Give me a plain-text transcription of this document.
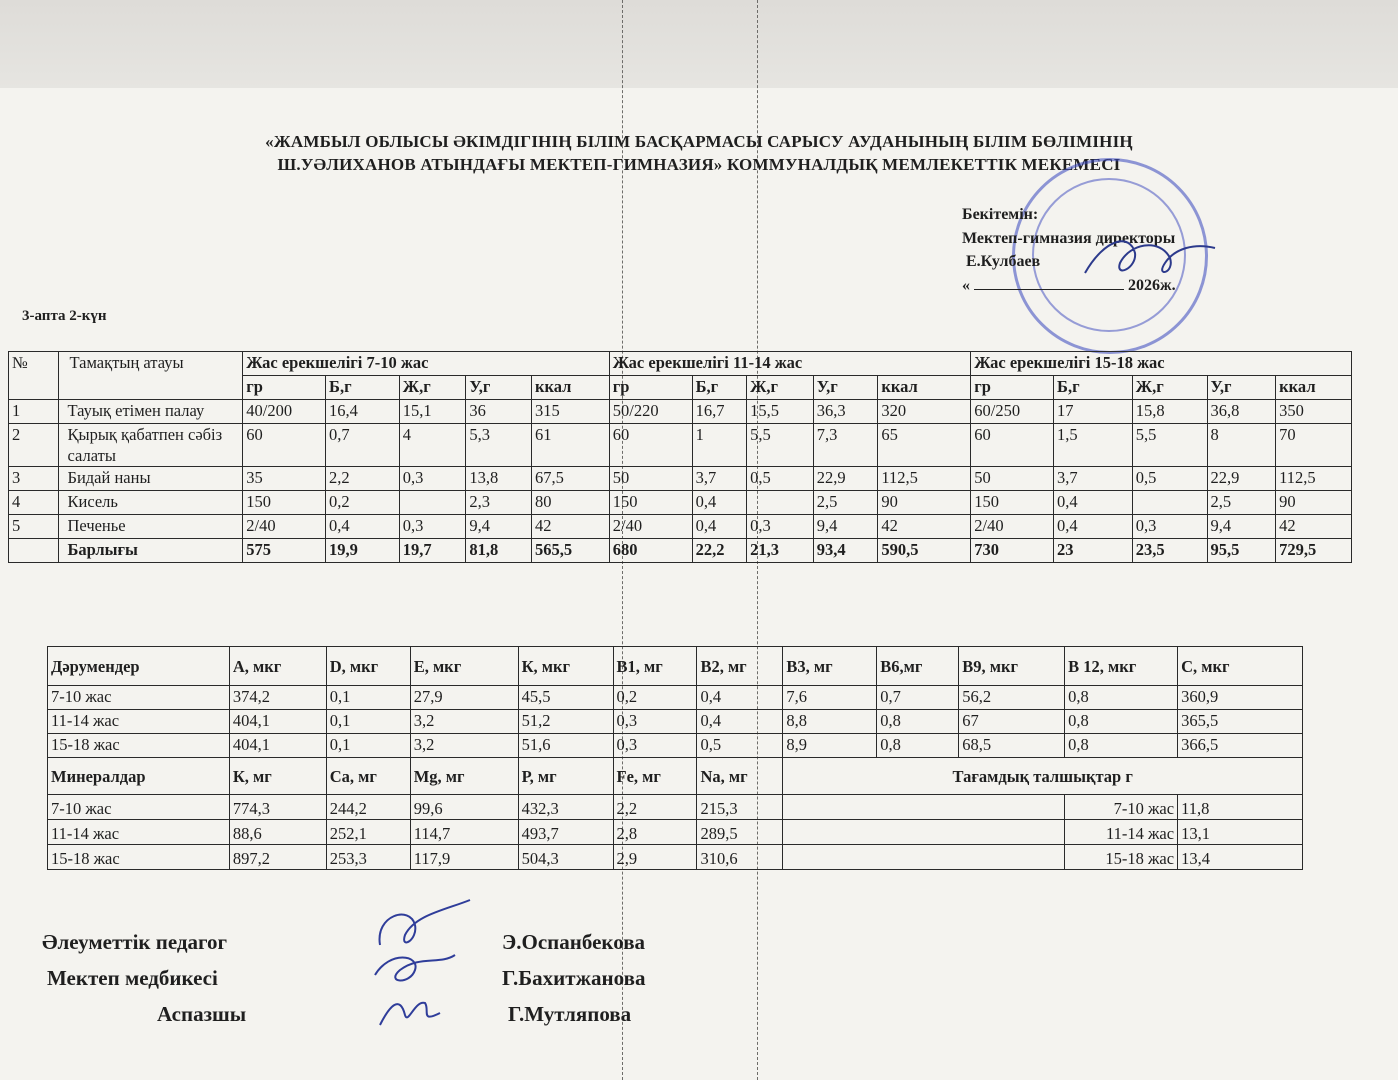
«ЖАМБЫЛ ОБЛЫСЫ ӘКІМДІГІНІҢ БІЛІМ БАСҚАРМАСЫ САРЫСУ АУДАНЫНЫҢ БІЛІМ БӨЛІМІНІҢ
Ш.УӘЛИХАНОВ АТЫНДАҒЫ МЕКТЕП-ГИМНАЗИЯ» КОММУНАЛДЫҚ МЕМЛЕКЕТТІК МЕКЕМЕСІ
Бекітемін:
Мектеп-гимназия директоры
Е.Кулбаев
«	2026ж.
3-апта 2-күн
№	Тамақтың атауы	Жас ерекшелігі 7-10 жас					Жас ерекшелігі 11-14 жас					Жас ерекшелігі 15-18 жас				
		гр	Б,г	Ж,г	У,г	ккал	гр	Б,г	Ж,г	У,г	ккал	гр	Б,г	Ж,г	У,г	ккал
1	Тауық етімен палау	40/200	16,4	15,1	36	315	50/220	16,7	15,5	36,3	320	60/250	17	15,8	36,8	350
2	Қырық қабатпен сәбіз салаты	60	0,7	4	5,3	61	60	1	5,5	7,3	65	60	1,5	5,5	8	70
3	Бидай наны	35	2,2	0,3	13,8	67,5	50	3,7	0,5	22,9	112,5	50	3,7	0,5	22,9	112,5
4	Кисель	150	0,2		2,3	80	150	0,4		2,5	90	150	0,4		2,5	90
5	Печенье	2/40	0,4	0,3	9,4	42	2/40	0,4	0,3	9,4	42	2/40	0,4	0,3	9,4	42
	Барлығы	575	19,9	19,7	81,8	565,5	680	22,2	21,3	93,4	590,5	730	23	23,5	95,5	729,5
Дәрумендер	А, мкг	D, мкг	Е, мкг	К, мкг	В1, мг	В2, мг	В3, мг	В6,мг	В9, мкг	В 12, мкг	С, мкг
7-10 жас	374,2	0,1	27,9	45,5	0,2	0,4	7,6	0,7	56,2	0,8	360,9
11-14 жас	404,1	0,1	3,2	51,2	0,3	0,4	8,8	0,8	67	0,8	365,5
15-18 жас	404,1	0,1	3,2	51,6	0,3	0,5	8,9	0,8	68,5	0,8	366,5
Минералдар	К, мг	Са, мг	Mg, мг	Р, мг	Fe, мг	Na, мг	Тағамдық талшықтар г				
7-10 жас	774,3	244,2	99,6	432,3	2,2	215,3				7-10 жас	11,8
11-14 жас	88,6	252,1	114,7	493,7	2,8	289,5				11-14 жас	13,1
15-18 жас	897,2	253,3	117,9	504,3	2,9	310,6				15-18 жас	13,4
Әлеуметтік педагог	Э.Оспанбекова
Мектеп медбикесі	Г.Бахитжанова
Аспазшы	Г.Мутляпова
